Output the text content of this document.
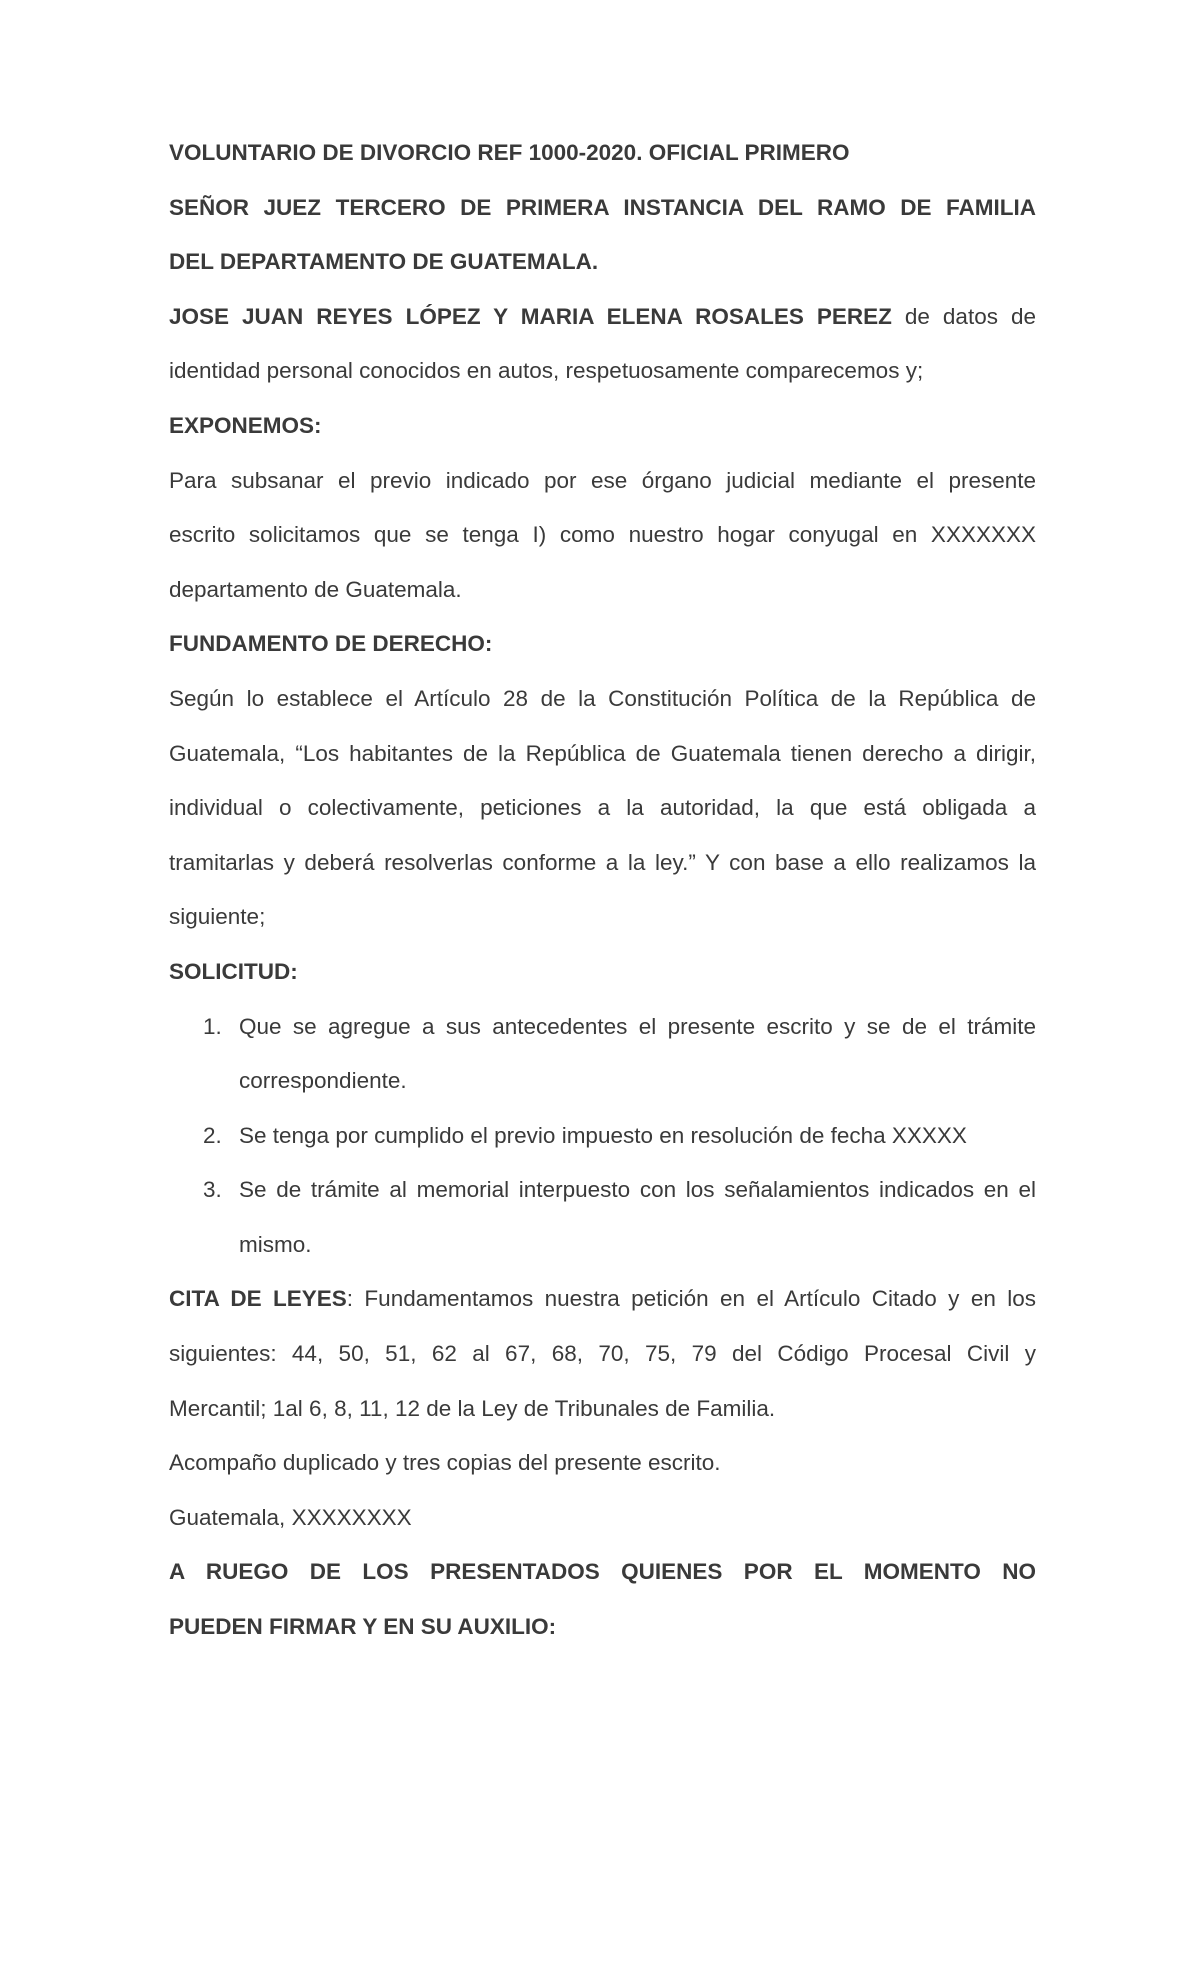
VOLUNTARIO DE DIVORCIO REF 1000-2020. OFICIAL PRIMERO
SEÑOR JUEZ TERCERO DE PRIMERA INSTANCIA DEL RAMO DE FAMILIA
DEL DEPARTAMENTO DE GUATEMALA.
JOSE JUAN REYES LÓPEZ Y MARIA ELENA ROSALES PEREZ de datos de
identidad personal conocidos en autos, respetuosamente comparecemos y;
EXPONEMOS:
Para subsanar el previo indicado por ese órgano judicial mediante el presente
escrito solicitamos que se tenga I) como nuestro hogar conyugal en XXXXXXX
departamento de Guatemala.
FUNDAMENTO DE DERECHO:
Según lo establece el Artículo 28 de la Constitución Política de la República de
Guatemala, “Los habitantes de la República de Guatemala tienen derecho a dirigir,
individual o colectivamente, peticiones a la autoridad, la que está obligada a
tramitarlas y deberá resolverlas conforme a la ley.” Y con base a ello realizamos la
siguiente;
SOLICITUD:
1. Que se agregue a sus antecedentes el presente escrito y se de el trámite
correspondiente.
2. Se tenga por cumplido el previo impuesto en resolución de fecha XXXXX
3. Se de trámite al memorial interpuesto con los señalamientos indicados en el
mismo.
CITA DE LEYES: Fundamentamos nuestra petición en el Artículo Citado y en los
siguientes: 44, 50, 51, 62 al 67, 68, 70, 75, 79 del Código Procesal Civil y
Mercantil; 1al 6, 8, 11, 12 de la Ley de Tribunales de Familia.
Acompaño duplicado y tres copias del presente escrito.
Guatemala, XXXXXXXX
A RUEGO DE LOS PRESENTADOS QUIENES POR EL MOMENTO NO
PUEDEN FIRMAR Y EN SU AUXILIO:
